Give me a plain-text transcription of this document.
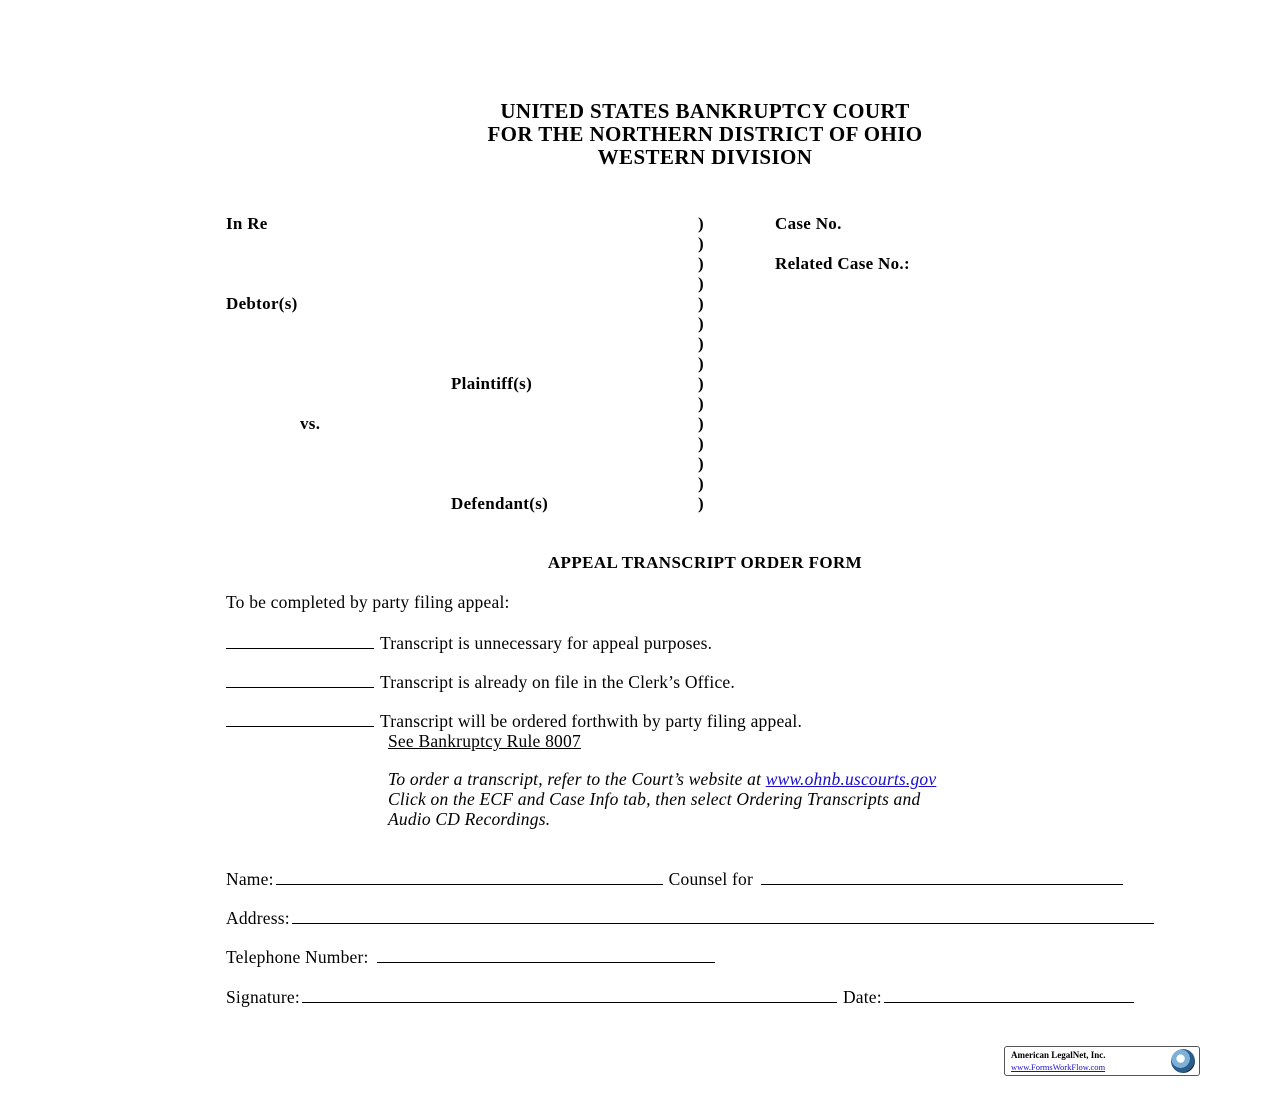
UNITED STATES BANKRUPTCY COURT
FOR THE NORTHERN DISTRICT OF OHIO
WESTERN DIVISION
In Re
Debtor(s)
Plaintiff(s)
vs.
Defendant(s)
)
)
)
)
)
)
)
)
)
)
)
)
)
)
)
Case No.
Related Case No.:
APPEAL TRANSCRIPT ORDER FORM
To be completed by party filing appeal:
Transcript is unnecessary for appeal purposes.
Transcript is already on file in the Clerk’s Office.
Transcript will be ordered forthwith by party filing appeal.
See Bankruptcy Rule 8007
To order a transcript, refer to the Court’s website at www.ohnb.uscourts.gov
Click on the ECF and Case Info tab, then select Ordering Transcripts and
Audio CD Recordings.
Name:	Counsel for
Address:
Telephone Number:
Signature:	Date:
American LegalNet, Inc.
www.FormsWorkFlow.com
